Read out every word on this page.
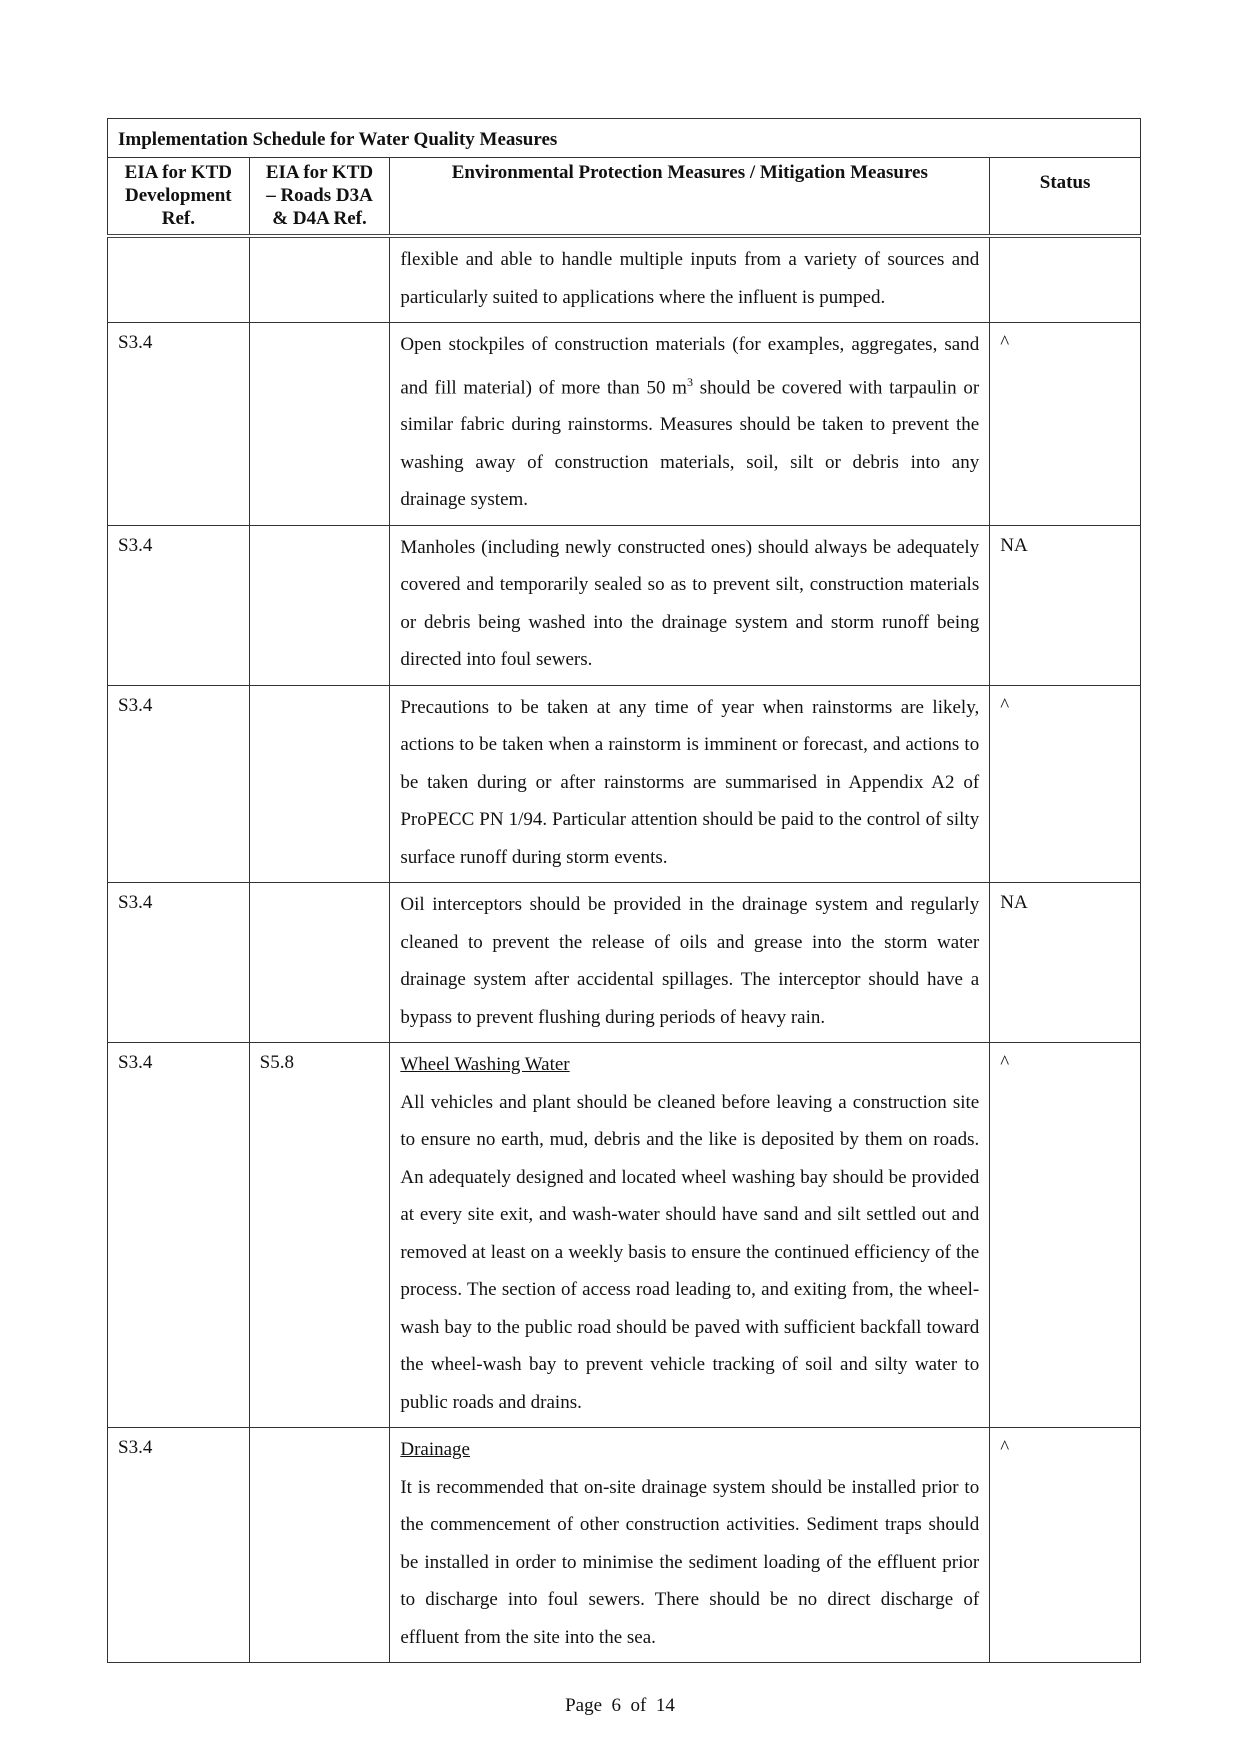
Implementation Schedule for Water Quality Measures			
EIA for KTD
Development
Ref.	EIA for KTD
– Roads D3A
& D4A Ref.	Environmental Protection Measures / Mitigation Measures	Status

		flexible and able to handle multiple inputs from a variety of sources and particularly suited to applications where the influent is pumped.	

S3.4		Open stockpiles of construction materials (for examples, aggregates, sand and fill material) of more than 50 $m^3$ should be covered with tarpaulin or similar fabric during rainstorms. Measures should be taken to prevent the washing away of construction materials, soil, silt or debris into any drainage system.	^
S3.4		Manholes (including newly constructed ones) should always be adequately covered and temporarily sealed so as to prevent silt, construction materials or debris being washed into the drainage system and storm runoff being directed into foul sewers.	NA
S3.4		Precautions to be taken at any time of year when rainstorms are likely, actions to be taken when a rainstorm is imminent or forecast, and actions to be taken during or after rainstorms are summarised in Appendix A2 of ProPECC PN 1/94. Particular attention should be paid to the control of silty surface runoff during storm events.	^
S3.4		Oil interceptors should be provided in the drainage system and regularly cleaned to prevent the release of oils and grease into the storm water drainage system after accidental spillages. The interceptor should have a bypass to prevent flushing during periods of heavy rain.	NA
S3.4	S5.8	Wheel Washing Water

All vehicles and plant should be cleaned before leaving a construction site to ensure no earth, mud, debris and the like is deposited by them on roads. An adequately designed and located wheel washing bay should be provided at every site exit, and wash-water should have sand and silt settled out and removed at least on a weekly basis to ensure the continued efficiency of the process. The section of access road leading to, and exiting from, the wheel-wash bay to the public road should be paved with sufficient backfall toward the wheel-wash bay to prevent vehicle tracking of soil and silty water to public roads and drains.	^
S3.4		Drainage

It is recommended that on-site drainage system should be installed prior to the commencement of other construction activities. Sediment traps should be installed in order to minimise the sediment loading of the effluent prior to discharge into foul sewers. There should be no direct discharge of effluent from the site into the sea.	^
Page 6 of 14
